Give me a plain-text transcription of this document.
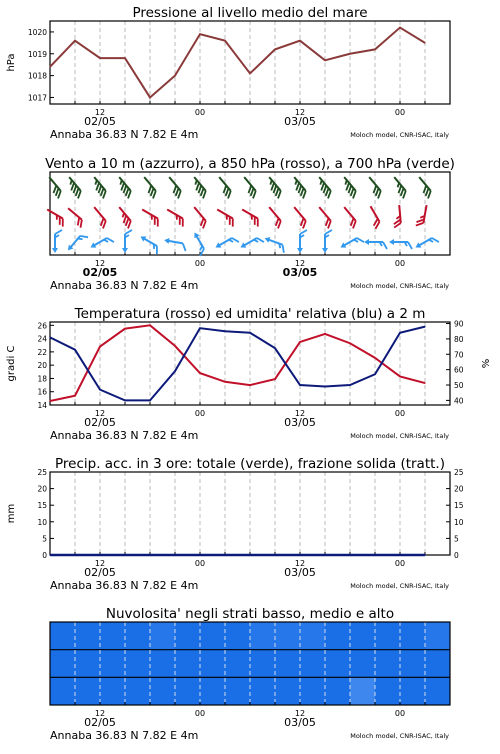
Pressione al livello medio del mare
12	00	12	00
02/05	03/05
Annaba 36.83 N 7.82 E 4m	Moloch model, CNR-ISAC, Italy
1017
1018
1019
1020
hPa
Vento a 10 m (azzurro), a 850 hPa (rosso), a 700 hPa (verde)
12	00	12	00
02/05	03/05
Annaba 36.83 N 7.82 E 4m	Moloch model, CNR-ISAC, Italy
Temperatura (rosso) ed umidita' relativa (blu) a 2 m
12	00	12	00
02/05	03/05
Annaba 36.83 N 7.82 E 4m	Moloch model, CNR-ISAC, Italy
14
16
18
20
22
24
26
40
50
60
70
80
90
gradi C	%
Precip. acc. in 3 ore: totale (verde), frazione solida (tratt.)
12	00	12	00
02/05	03/05
Annaba 36.83 N 7.82 E 4m	Moloch model, CNR-ISAC, Italy
0
5
10
15
20
25
0
5
10
15
20
25
mm
Nuvolosita' negli strati basso, medio e alto
12	00	12	00
02/05	03/05
Annaba 36.83 N 7.82 E 4m	Moloch model, CNR-ISAC, Italy
